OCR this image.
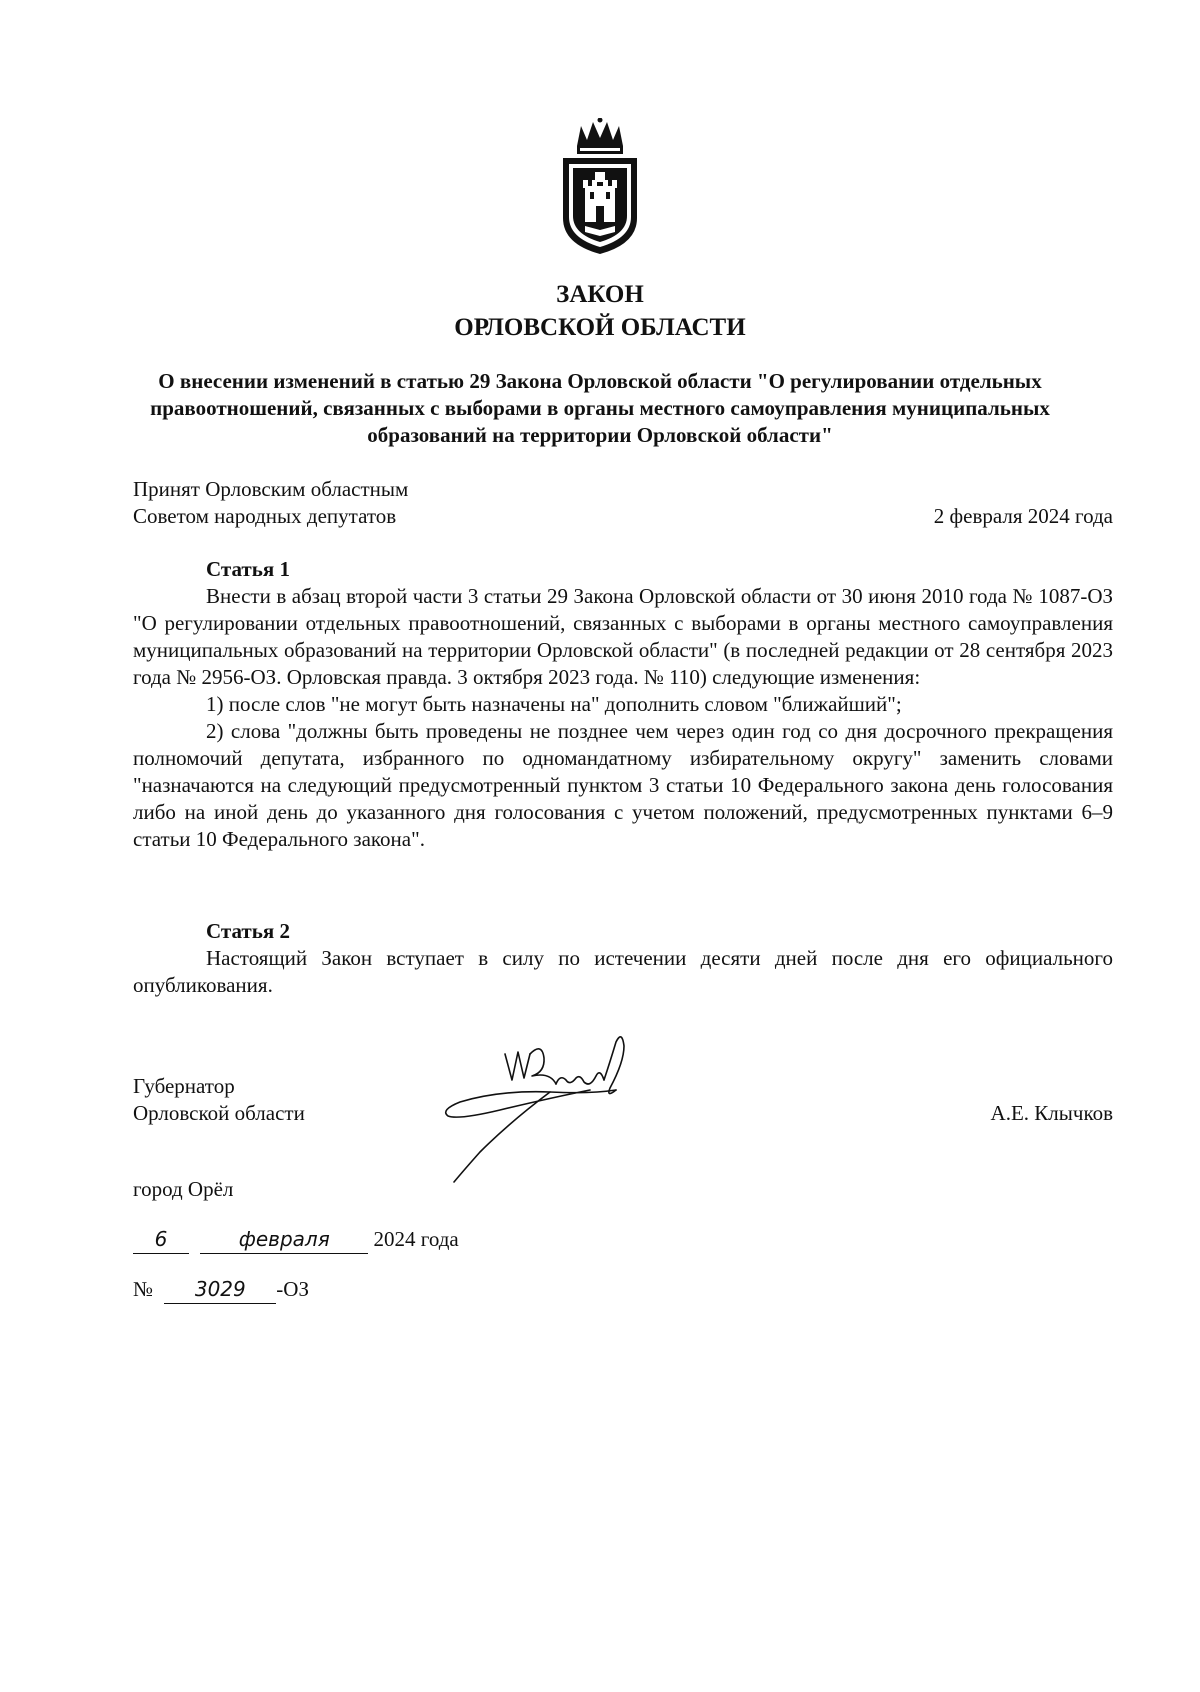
ЗАКОН
ОРЛОВСКОЙ ОБЛАСТИ
О внесении изменений в статью 29 Закона Орловской области "О регулировании отдельных правоотношений, связанных с выборами в органы местного самоуправления муниципальных образований на территории Орловской области"
Принят Орловским областным
Советом народных депутатов	2 февраля 2024 года
Статья 1

Внести в абзац второй части 3 статьи 29 Закона Орловской области от 30 июня 2010 года № 1087-ОЗ "О регулировании отдельных правоотношений, связанных с выборами в органы местного самоуправления муниципальных образований на территории Орловской области" (в последней редакции от 28 сентября 2023 года № 2956-ОЗ. Орловская правда. 3 октября 2023 года. № 110) следующие изменения:

1) после слов "не могут быть назначены на" дополнить словом "ближайший";

2) слова "должны быть проведены не позднее чем через один год со дня досрочного прекращения полномочий депутата, избранного по одномандатному избирательному округу" заменить словами "назначаются на следующий предусмотренный пунктом 3 статьи 10 Федерального закона день голосования либо на иной день до указанного дня голосования с учетом положений, предусмотренных пунктами 6–9 статьи 10 Федерального закона".

Статья 2

Настоящий Закон вступает в силу по истечении десяти дней после дня его официального опубликования.

Губернатор
Орловской области	А.Е. Клычков
город Орёл
6	февраля 2024 года
№ 3029 -ОЗ
